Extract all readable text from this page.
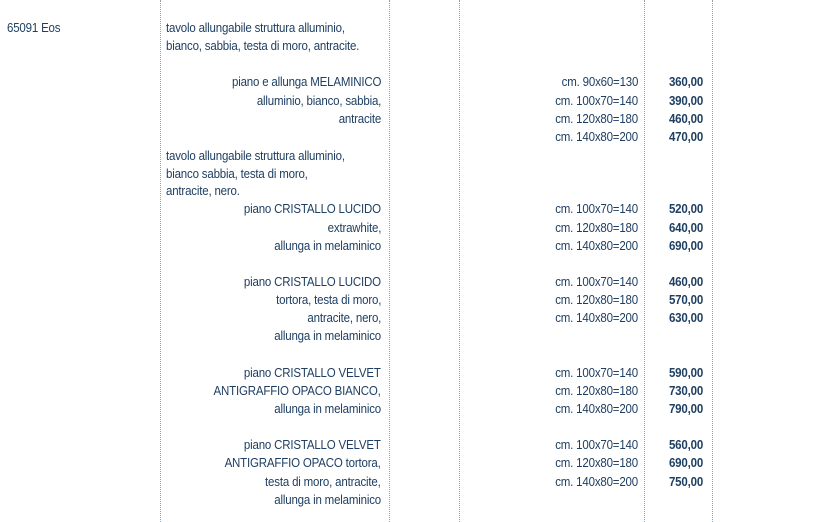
65091 Eos	tavolo allungabile struttura alluminio,
bianco, sabbia, testa di moro, antracite.
piano e allunga MELAMINICO
alluminio, bianco, sabbia,
antracite
cm. 90x60=130
cm. 100x70=140
cm. 120x80=180
cm. 140x80=200
360,00
390,00
460,00
470,00
tavolo allungabile struttura alluminio,
bianco sabbia, testa di moro,
antracite, nero.
piano CRISTALLO LUCIDO
extrawhite,
allunga in melaminico
cm. 100x70=140
cm. 120x80=180
cm. 140x80=200
520,00
640,00
690,00
piano CRISTALLO LUCIDO
tortora, testa di moro,
antracite, nero,
allunga in melaminico
cm. 100x70=140
cm. 120x80=180
cm. 140x80=200
460,00
570,00
630,00
piano CRISTALLO VELVET
ANTIGRAFFIO OPACO BIANCO,
allunga in melaminico
cm. 100x70=140
cm. 120x80=180
cm. 140x80=200
590,00
730,00
790,00
piano CRISTALLO VELVET
ANTIGRAFFIO OPACO tortora,
testa di moro, antracite,
allunga in melaminico
cm. 100x70=140
cm. 120x80=180
cm. 140x80=200
560,00
690,00
750,00
